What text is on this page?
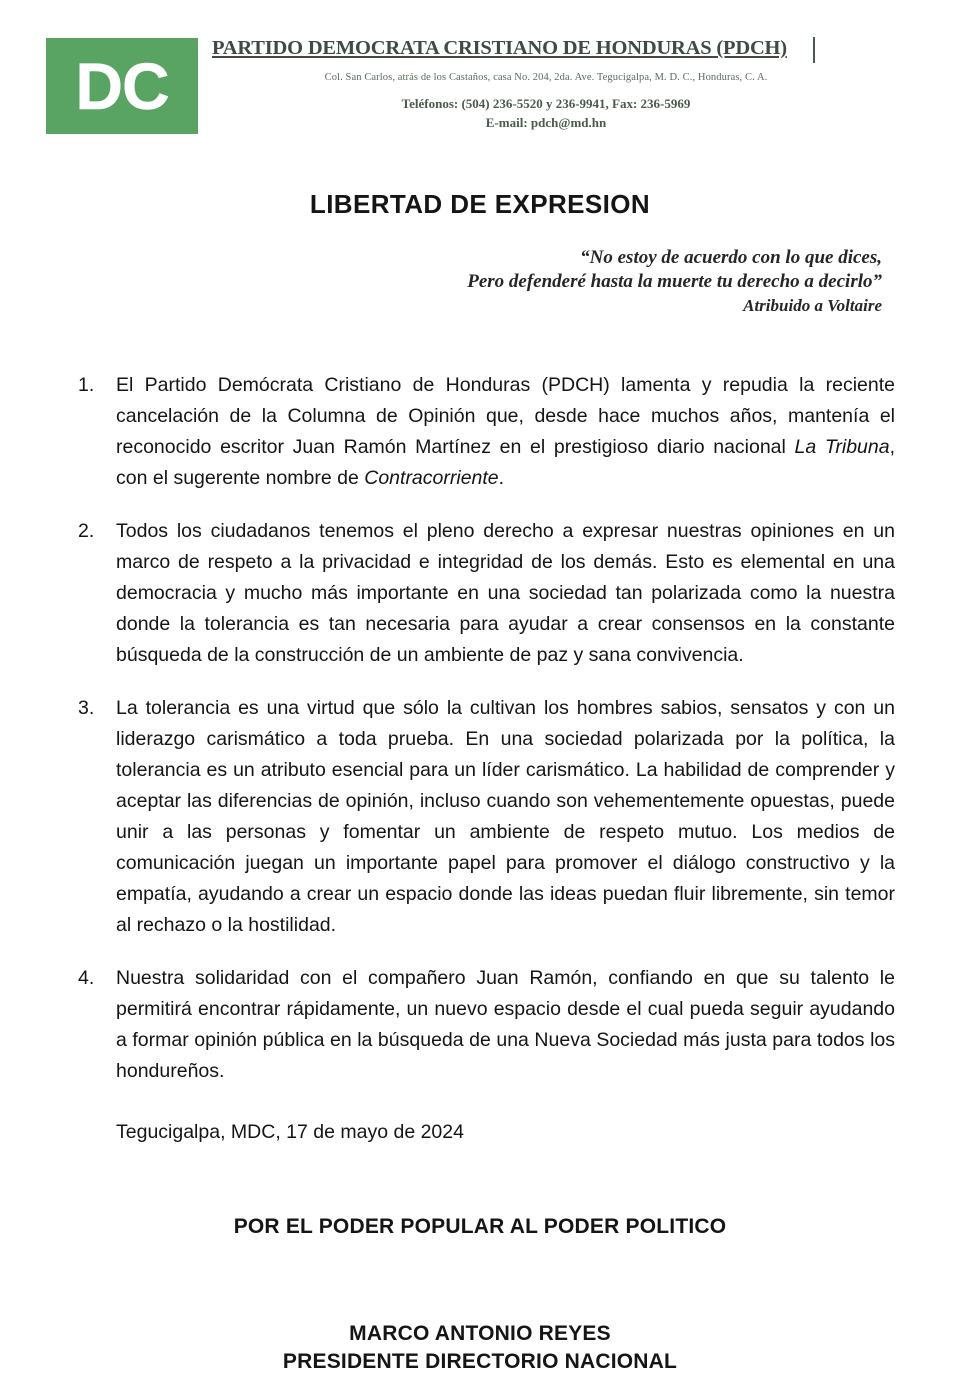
DC
PARTIDO DEMOCRATA CRISTIANO DE HONDURAS (PDCH)
Col. San Carlos, atrás de los Castaños, casa No. 204, 2da. Ave. Tegucigalpa, M. D. C., Honduras, C. A.
Teléfonos: (504) 236-5520 y 236-9941, Fax: 236-5969
E-mail: pdch@md.hn
LIBERTAD DE EXPRESION
“No estoy de acuerdo con lo que dices,
Pero defenderé hasta la muerte tu derecho a decirlo”
Atribuido a Voltaire
1.	El Partido Demócrata Cristiano de Honduras (PDCH) lamenta y repudia la reciente cancelación de la Columna de Opinión que, desde hace muchos años, mantenía el reconocido escritor Juan Ramón Martínez en el prestigioso diario nacional La Tribuna, con el sugerente nombre de Contracorriente.
2.	Todos los ciudadanos tenemos el pleno derecho a expresar nuestras opiniones en un marco de respeto a la privacidad e integridad de los demás. Esto es elemental en una democracia y mucho más importante en una sociedad tan polarizada como la nuestra donde la tolerancia es tan necesaria para ayudar a crear consensos en la constante búsqueda de la construcción de un ambiente de paz y sana convivencia.
3.	La tolerancia es una virtud que sólo la cultivan los hombres sabios, sensatos y con un liderazgo carismático a toda prueba. En una sociedad polarizada por la política, la tolerancia es un atributo esencial para un líder carismático. La habilidad de comprender y aceptar las diferencias de opinión, incluso cuando son vehementemente opuestas, puede unir a las personas y fomentar un ambiente de respeto mutuo. Los medios de comunicación juegan un importante papel para promover el diálogo constructivo y la empatía, ayudando a crear un espacio donde las ideas puedan fluir libremente, sin temor al rechazo o la hostilidad.
4.	Nuestra solidaridad con el compañero Juan Ramón, confiando en que su talento le permitirá encontrar rápidamente, un nuevo espacio desde el cual pueda seguir ayudando a formar opinión pública en la búsqueda de una Nueva Sociedad más justa para todos los hondureños.
Tegucigalpa, MDC, 17 de mayo de 2024
POR EL PODER POPULAR AL PODER POLITICO
MARCO ANTONIO REYES
PRESIDENTE DIRECTORIO NACIONAL
